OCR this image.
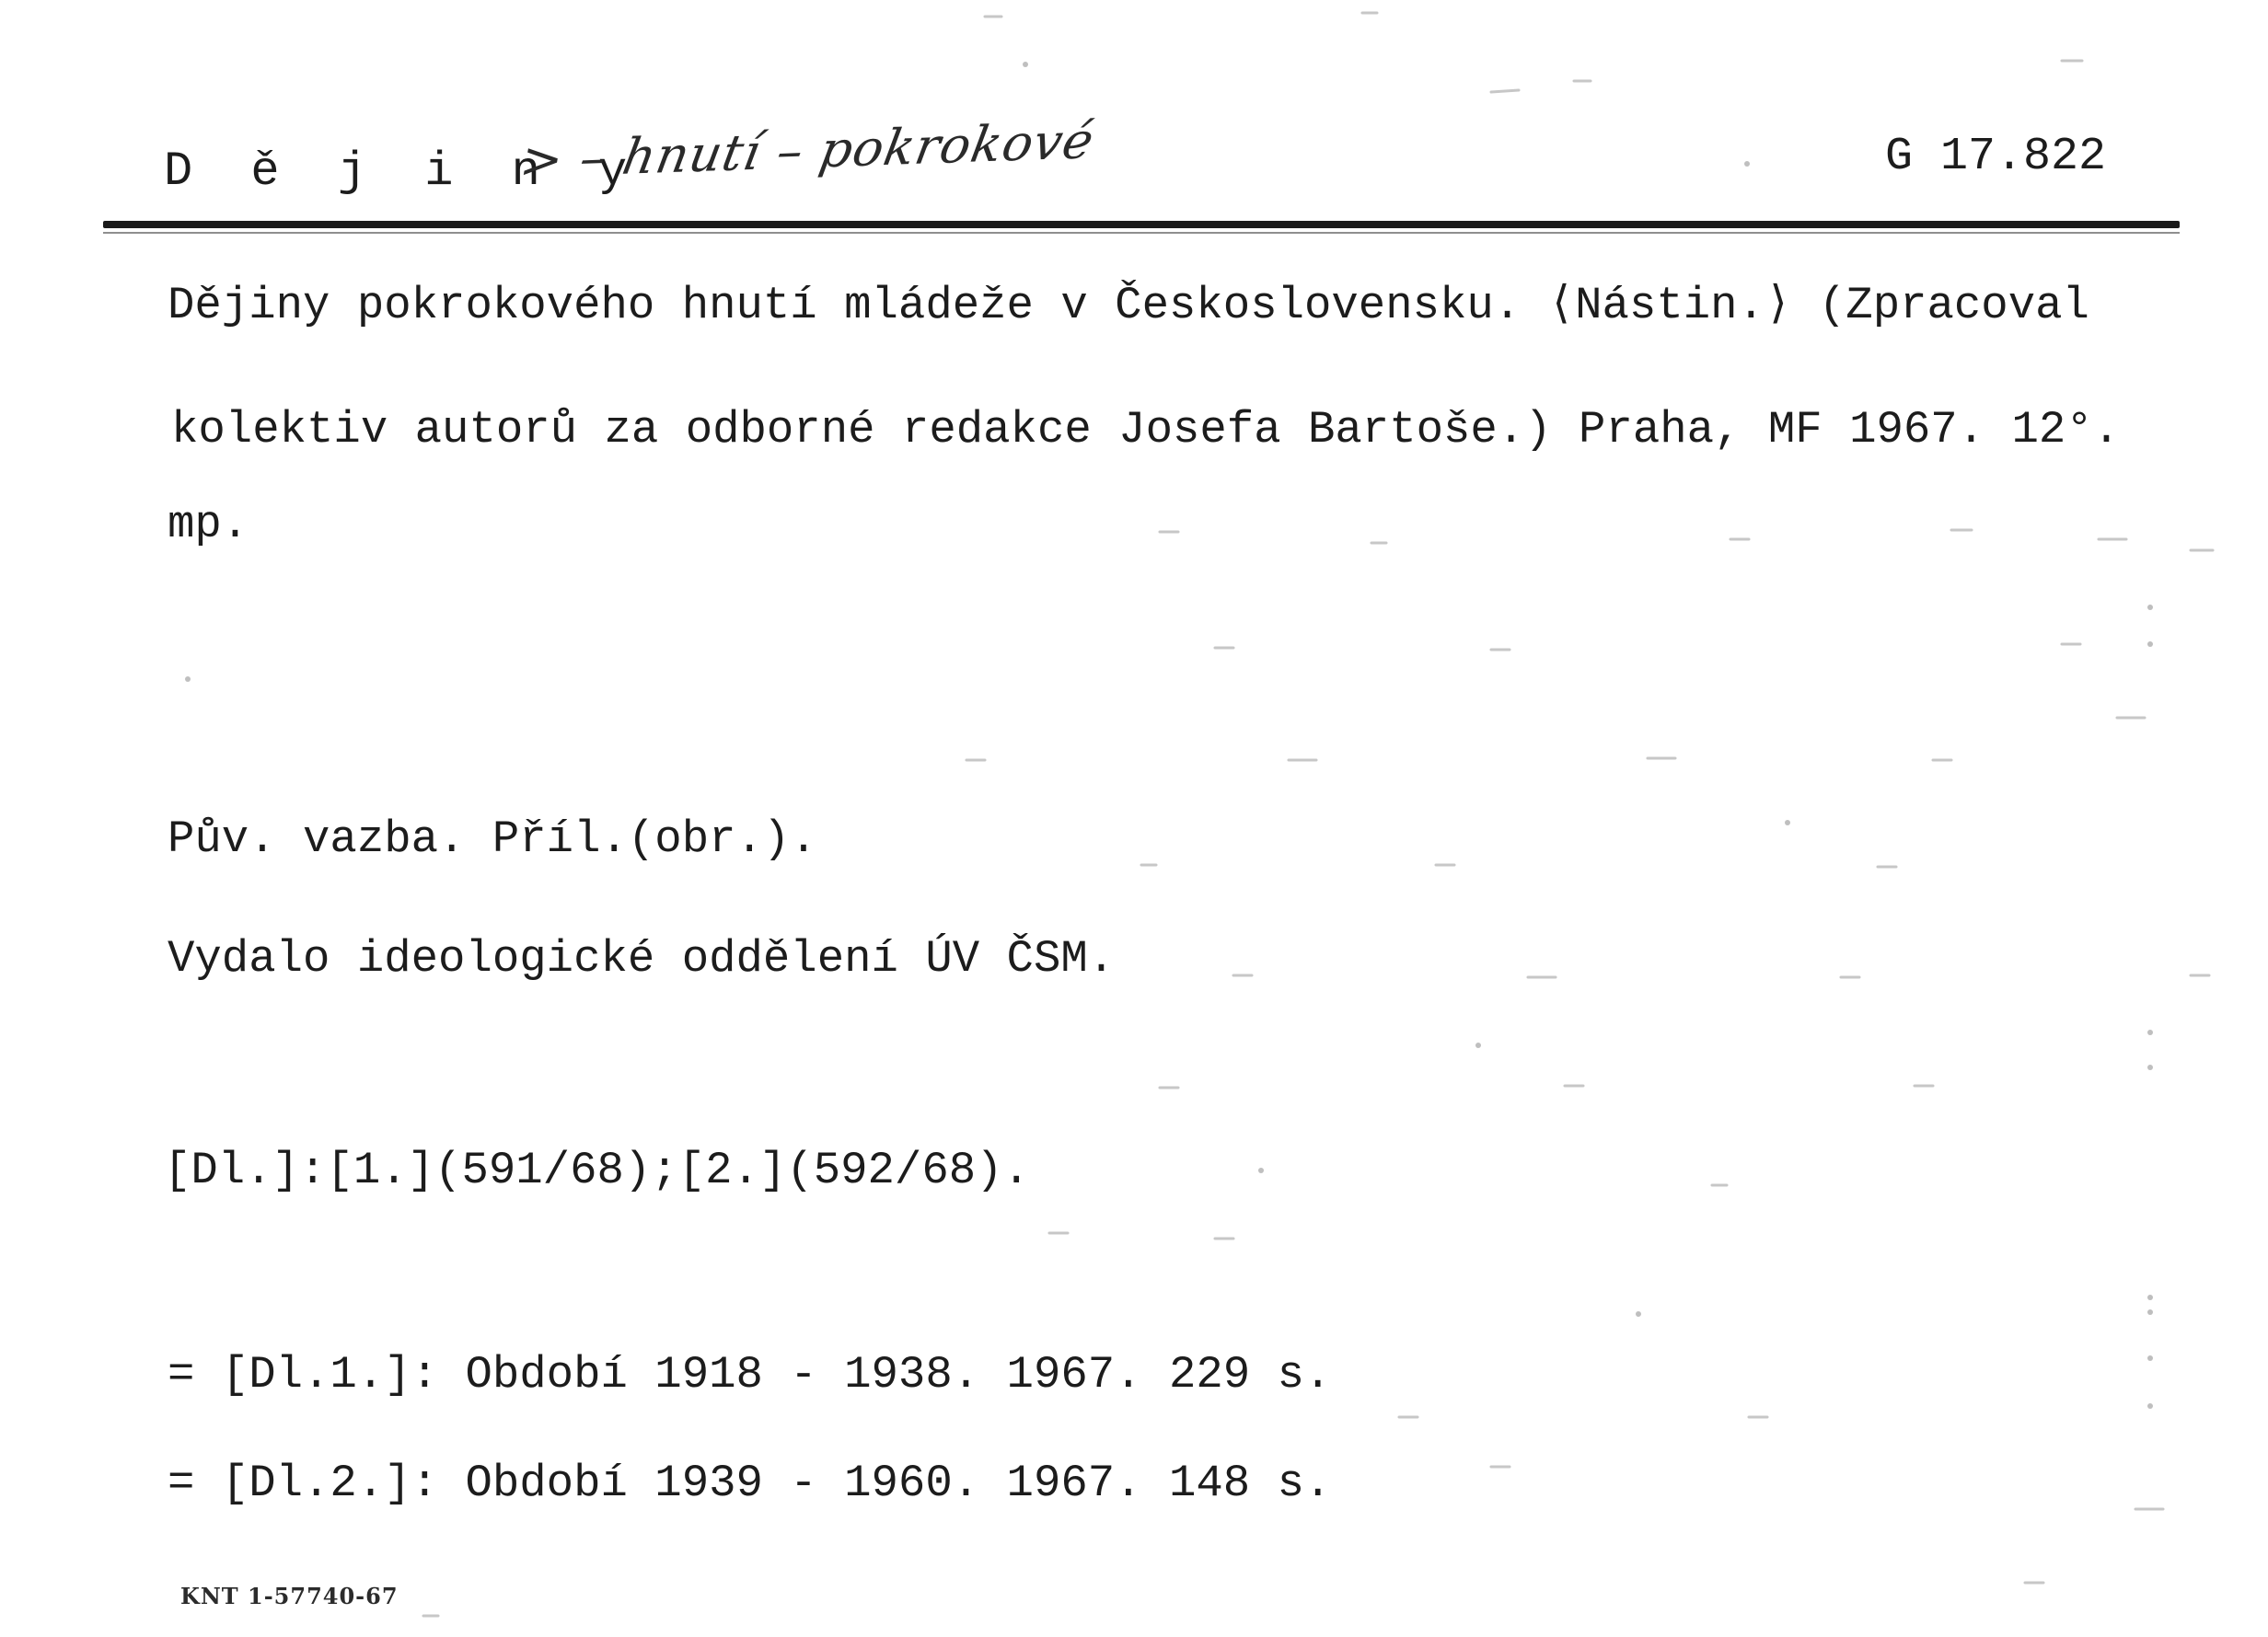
D ě j i n y
> – hnutí – pokrokové	G 17.822
Dějiny pokrokového hnutí mládeže v Československu. ⟨Nástin.⟩ (Zpracoval
kolektiv autorů za odborné redakce Josefa Bartoše.) Praha, MF 1967. 12°.
mp.
Pův. vazba. Příl.(obr.).
Vydalo ideologické oddělení ÚV ČSM.
[Dl.]:[1.](591/68);[2.](592/68).
= [Dl.1.]: Období 1918 - 1938. 1967. 229 s.
= [Dl.2.]: Období 1939 - 1960. 1967. 148 s.
KNT 1-57740-67
